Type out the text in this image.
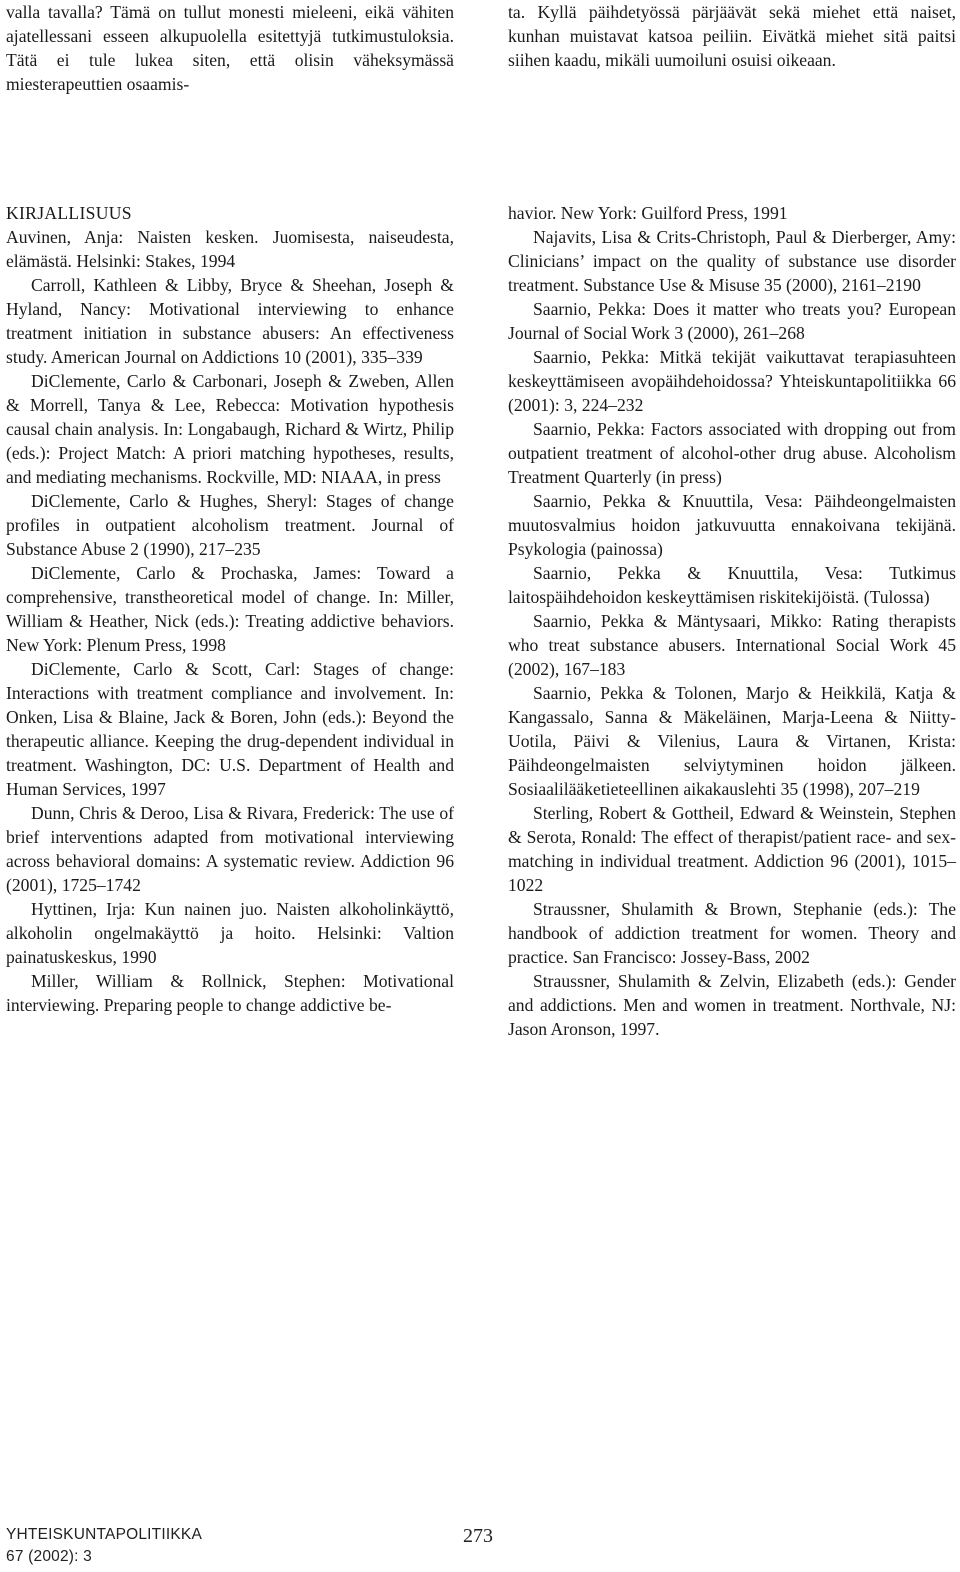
valla tavalla? Tämä on tullut monesti mieleeni, eikä vähiten ajatellessani esseen alkupuolella esitettyjä tutkimustuloksia. Tätä ei tule lukea siten, että olisin väheksymässä miesterapeuttien osaamis-

ta. Kyllä päihdetyössä pärjäävät sekä miehet että naiset, kunhan muistavat katsoa peiliin. Eivätkä miehet sitä paitsi siihen kaadu, mikäli uumoiluni osuisi oikeaan.

KIRJALLISUUS

Auvinen, Anja: Naisten kesken. Juomisesta, naiseudesta, elämästä. Helsinki: Stakes, 1994

Carroll, Kathleen & Libby, Bryce & Sheehan, Joseph & Hyland, Nancy: Motivational interviewing to enhance treatment initiation in substance abusers: An effectiveness study. American Journal on Addictions 10 (2001), 335–339

DiClemente, Carlo & Carbonari, Joseph & Zweben, Allen & Morrell, Tanya & Lee, Rebecca: Motivation hypothesis causal chain analysis. In: Longabaugh, Richard & Wirtz, Philip (eds.): Project Match: A priori matching hypotheses, results, and mediating mechanisms. Rockville, MD: NIAAA, in press

DiClemente, Carlo & Hughes, Sheryl: Stages of change profiles in outpatient alcoholism treatment. Journal of Substance Abuse 2 (1990), 217–235

DiClemente, Carlo & Prochaska, James: Toward a comprehensive, transtheoretical model of change. In: Miller, William & Heather, Nick (eds.): Treating addictive behaviors. New York: Plenum Press, 1998

DiClemente, Carlo & Scott, Carl: Stages of change: Interactions with treatment compliance and involvement. In: Onken, Lisa & Blaine, Jack & Boren, John (eds.): Beyond the therapeutic alliance. Keeping the drug-dependent individual in treatment. Washington, DC: U.S. Department of Health and Human Services, 1997

Dunn, Chris & Deroo, Lisa & Rivara, Frederick: The use of brief interventions adapted from motivational interviewing across behavioral domains: A systematic review. Addiction 96 (2001), 1725–1742

Hyttinen, Irja: Kun nainen juo. Naisten alkoholinkäyttö, alkoholin ongelmakäyttö ja hoito. Helsinki: Valtion painatuskeskus, 1990

Miller, William & Rollnick, Stephen: Motivational interviewing. Preparing people to change addictive be-

havior. New York: Guilford Press, 1991

Najavits, Lisa & Crits-Christoph, Paul & Dierberger, Amy: Clinicians’ impact on the quality of substance use disorder treatment. Substance Use & Misuse 35 (2000), 2161–2190

Saarnio, Pekka: Does it matter who treats you? European Journal of Social Work 3 (2000), 261–268

Saarnio, Pekka: Mitkä tekijät vaikuttavat terapiasuhteen keskeyttämiseen avopäihdehoidossa? Yhteiskuntapolitiikka 66 (2001): 3, 224–232

Saarnio, Pekka: Factors associated with dropping out from outpatient treatment of alcohol-other drug abuse. Alcoholism Treatment Quarterly (in press)

Saarnio, Pekka & Knuuttila, Vesa: Päihdeongelmaisten muutosvalmius hoidon jatkuvuutta ennakoivana tekijänä. Psykologia (painossa)

Saarnio, Pekka & Knuuttila, Vesa: Tutkimus laitospäihdehoidon keskeyttämisen riskitekijöistä. (Tulossa)

Saarnio, Pekka & Mäntysaari, Mikko: Rating therapists who treat substance abusers. International Social Work 45 (2002), 167–183

Saarnio, Pekka & Tolonen, Marjo & Heikkilä, Katja & Kangassalo, Sanna & Mäkeläinen, Marja-Leena & Niitty-Uotila, Päivi & Vilenius, Laura & Virtanen, Krista: Päihdeongelmaisten selviytyminen hoidon jälkeen. Sosiaalilääketieteellinen aikakauslehti 35 (1998), 207–219

Sterling, Robert & Gottheil, Edward & Weinstein, Stephen & Serota, Ronald: The effect of therapist/patient race- and sex-matching in individual treatment. Addiction 96 (2001), 1015–1022

Straussner, Shulamith & Brown, Stephanie (eds.): The handbook of addiction treatment for women. Theory and practice. San Francisco: Jossey-Bass, 2002

Straussner, Shulamith & Zelvin, Elizabeth (eds.): Gender and addictions. Men and women in treatment. Northvale, NJ: Jason Aronson, 1997.

YHTEISKUNTAPOLITIIKKA
67 (2002): 3
273
